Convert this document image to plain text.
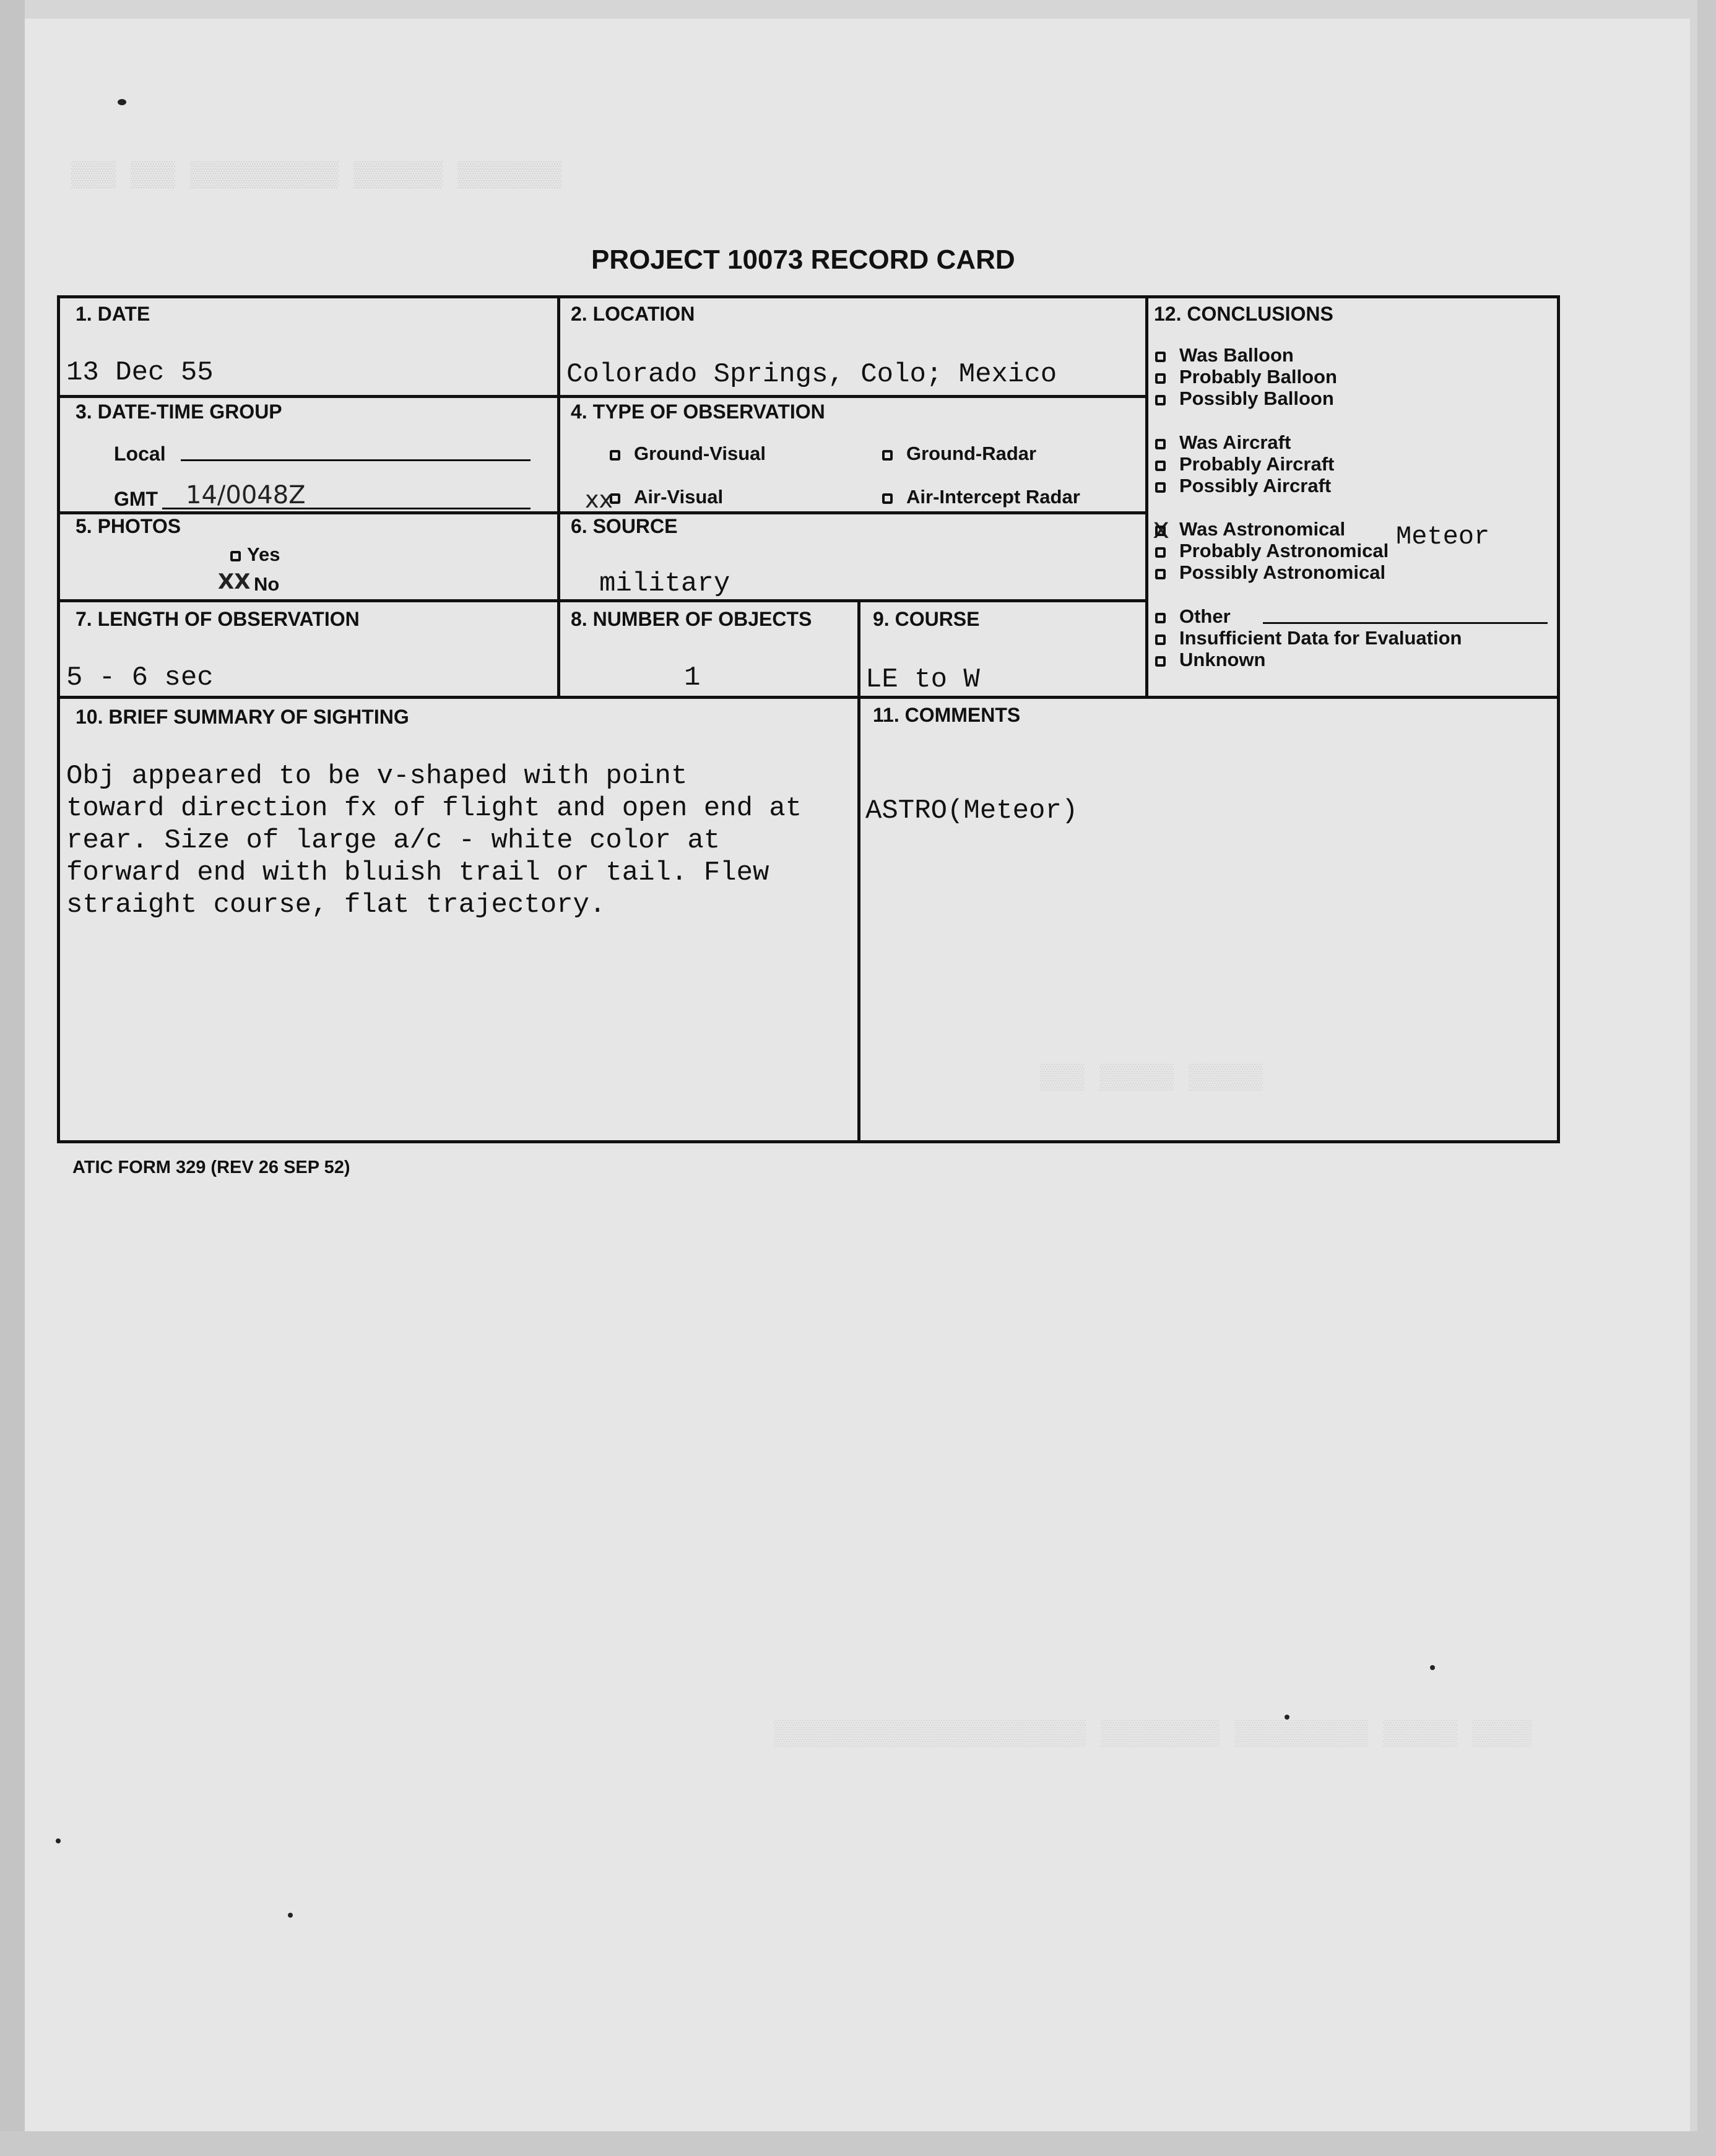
▒▒▒ ▒▒▒ ▒▒▒▒▒▒▒▒▒▒ ▒▒▒▒▒▒ ▒▒▒▒▒▒▒
▒▒▒ ▒▒▒▒▒ ▒▒▒▒▒
▒▒▒▒▒▒▒▒▒▒▒▒▒▒▒▒▒▒▒▒▒ ▒▒▒▒▒▒▒▒ ▒▒▒▒▒▒▒▒▒ ▒▒▒▒▒ ▒▒▒▒
PROJECT 10073 RECORD CARD
1. DATE
13 Dec 55
2. LOCATION
Colorado Springs, Colo; Mexico
3. DATE-TIME GROUP
Local
GMT 14/0048Z
4. TYPE OF OBSERVATION
Ground-Visual	Ground-Radar
xx	Air-Visual	Air-Intercept Radar
5. PHOTOS
Yes
XX No
6. SOURCE
military
7. LENGTH OF OBSERVATION
5 - 6 sec
8. NUMBER OF OBJECTS
1
9. COURSE
LE to W
10. BRIEF SUMMARY OF SIGHTING
Obj appeared to be v-shaped with point
toward direction fx of flight and open end at
rear. Size of large a/c - white color at
forward end with bluish trail or tail. Flew
straight course, flat trajectory.
11. COMMENTS
ASTRO(Meteor)
12. CONCLUSIONS
Was Balloon
Probably Balloon
Possibly Balloon
Was Aircraft
Probably Aircraft
Possibly Aircraft
x Was Astronomical Meteor
Probably Astronomical
Possibly Astronomical
Other
Insufficient Data for Evaluation
Unknown
ATIC FORM 329 (REV 26 SEP 52)
